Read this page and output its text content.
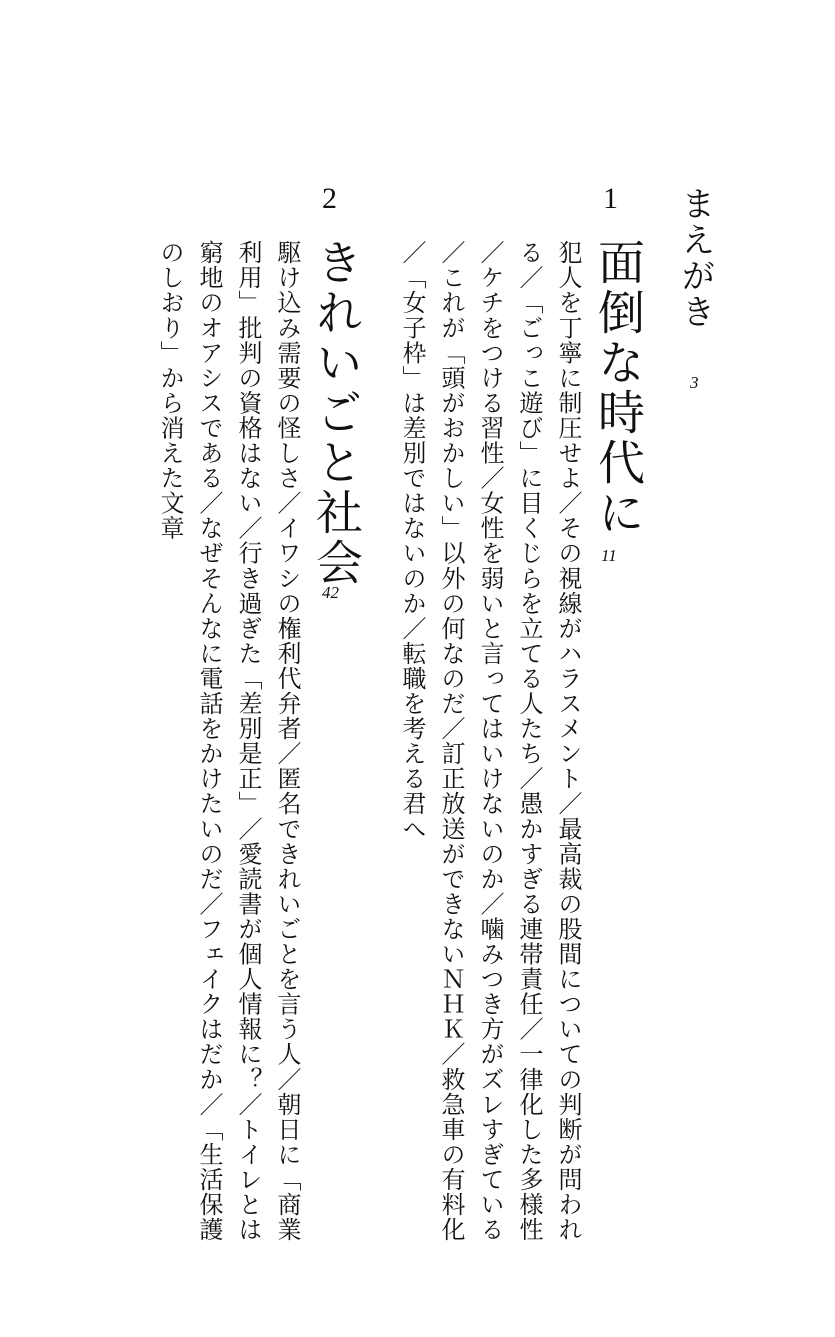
まえがき
3
1
面倒な時代に
11
犯人を丁寧に制圧せよ／その視線がハラスメント／最高裁の股間についての判断が問われ
る／「ごっこ遊び」に目くじらを立てる人たち／愚かすぎる連帯責任／一律化した多様性
／ケチをつける習性／女性を弱いと言ってはいけないのか／噛みつき方がズレすぎている
／これが「頭がおかしい」以外の何なのだ／訂正放送ができないＮＨＫ／救急車の有料化
／「女子枠」は差別ではないのか／転職を考える君へ
2
きれいごと社会
42
駆け込み需要の怪しさ／イワシの権利代弁者／匿名できれいごとを言う人／朝日に「商業
利用」批判の資格はない／行き過ぎた「差別是正」／愛読書が個人情報に？／トイレとは
窮地のオアシスである／なぜそんなに電話をかけたいのだ／フェイクはだか／「生活保護
のしおり」から消えた文章
